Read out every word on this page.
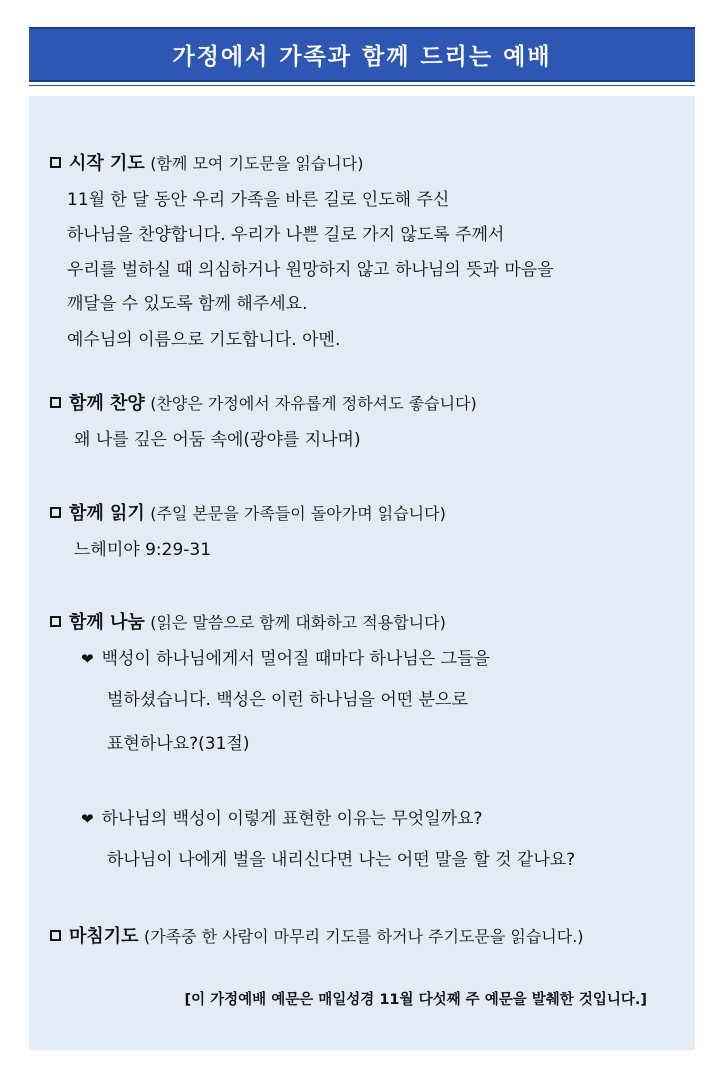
가정에서 가족과 함께 드리는 예배
시작 기도 (함께 모여 기도문을 읽습니다)
11월 한 달 동안 우리 가족을 바른 길로 인도해 주신
하나님을 찬양합니다. 우리가 나쁜 길로 가지 않도록 주께서
우리를 벌하실 때 의심하거나 원망하지 않고 하나님의 뜻과 마음을
깨달을 수 있도록 함께 해주세요.
예수님의 이름으로 기도합니다. 아멘.
함께 찬양 (찬양은 가정에서 자유롭게 정하셔도 좋습니다)
왜 나를 깊은 어둠 속에(광야를 지나며)
함께 읽기 (주일 본문을 가족들이 돌아가며 읽습니다)
느헤미야 9:29-31
함께 나눔 (읽은 말씀으로 함께 대화하고 적용합니다)
❤ 백성이 하나님에게서 멀어질 때마다 하나님은 그들을
벌하셨습니다. 백성은 이런 하나님을 어떤 분으로
표현하나요?(31절)
❤ 하나님의 백성이 이렇게 표현한 이유는 무엇일까요?
하나님이 나에게 벌을 내리신다면 나는 어떤 말을 할 것 같나요?
마침기도 (가족중 한 사람이 마무리 기도를 하거나 주기도문을 읽습니다.)
[이 가정예배 예문은 매일성경 11월 다섯째 주 예문을 발췌한 것입니다.]
